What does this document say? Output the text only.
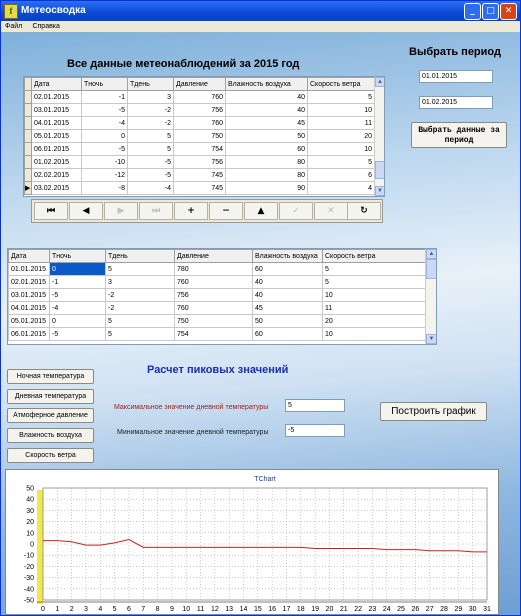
f Метеосводка	_	□	✕
Файл Справка
Все данные метеонаблюдений за 2015 год
	Дата	Тночь	Тдень	Давление	Влажность воздуха	Скорость ветра
	02.01.2015	-1	3	760	40	5
	03.01.2015	-5	-2	756	40	10
	04.01.2015	-4	-2	760	45	11
	05.01.2015	0	5	750	50	20
	06.01.2015	-5	5	754	60	10
	01.02.2015	-10	-5	756	80	5
	02.02.2015	-12	-5	745	80	6
▶	03.02.2015	-8	-4	745	90	4
▲
▼
⏮	◀	▶	⏭	+	−	▲	✓	✕	↻
Выбрать период
01.01.2015
01.02.2015
Выбрать данные за период
Дата	Тночь	Тдень	Давление	Влажность воздуха	Скорость ветра
01.01.2015	0	5	780	60	5
02.01.2015	-1	3	760	40	5
03.01.2015	-5	-2	756	40	10
04.01.2015	-4	-2	760	45	11
05.01.2015	0	5	750	50	20
06.01.2015	-5	5	754	60	10
▲
▼
Расчет пиковых значений
Ночная температура
Дневная температура
Атмоферное давление
Влажность воздуха
Скорость ветра
Максимальное значение дневной температуры	5
Минимальное значение дневной температуры	-5
Построить график
TChart
50
40
30
20
10
0
-10
-20
-30
-40
-50
0 1 2 3 4 5 6 7 8 9 10 11 12 13 14 15 16 17 18 19 20 21 22 23 24 25 26 27 28 29 30 31
